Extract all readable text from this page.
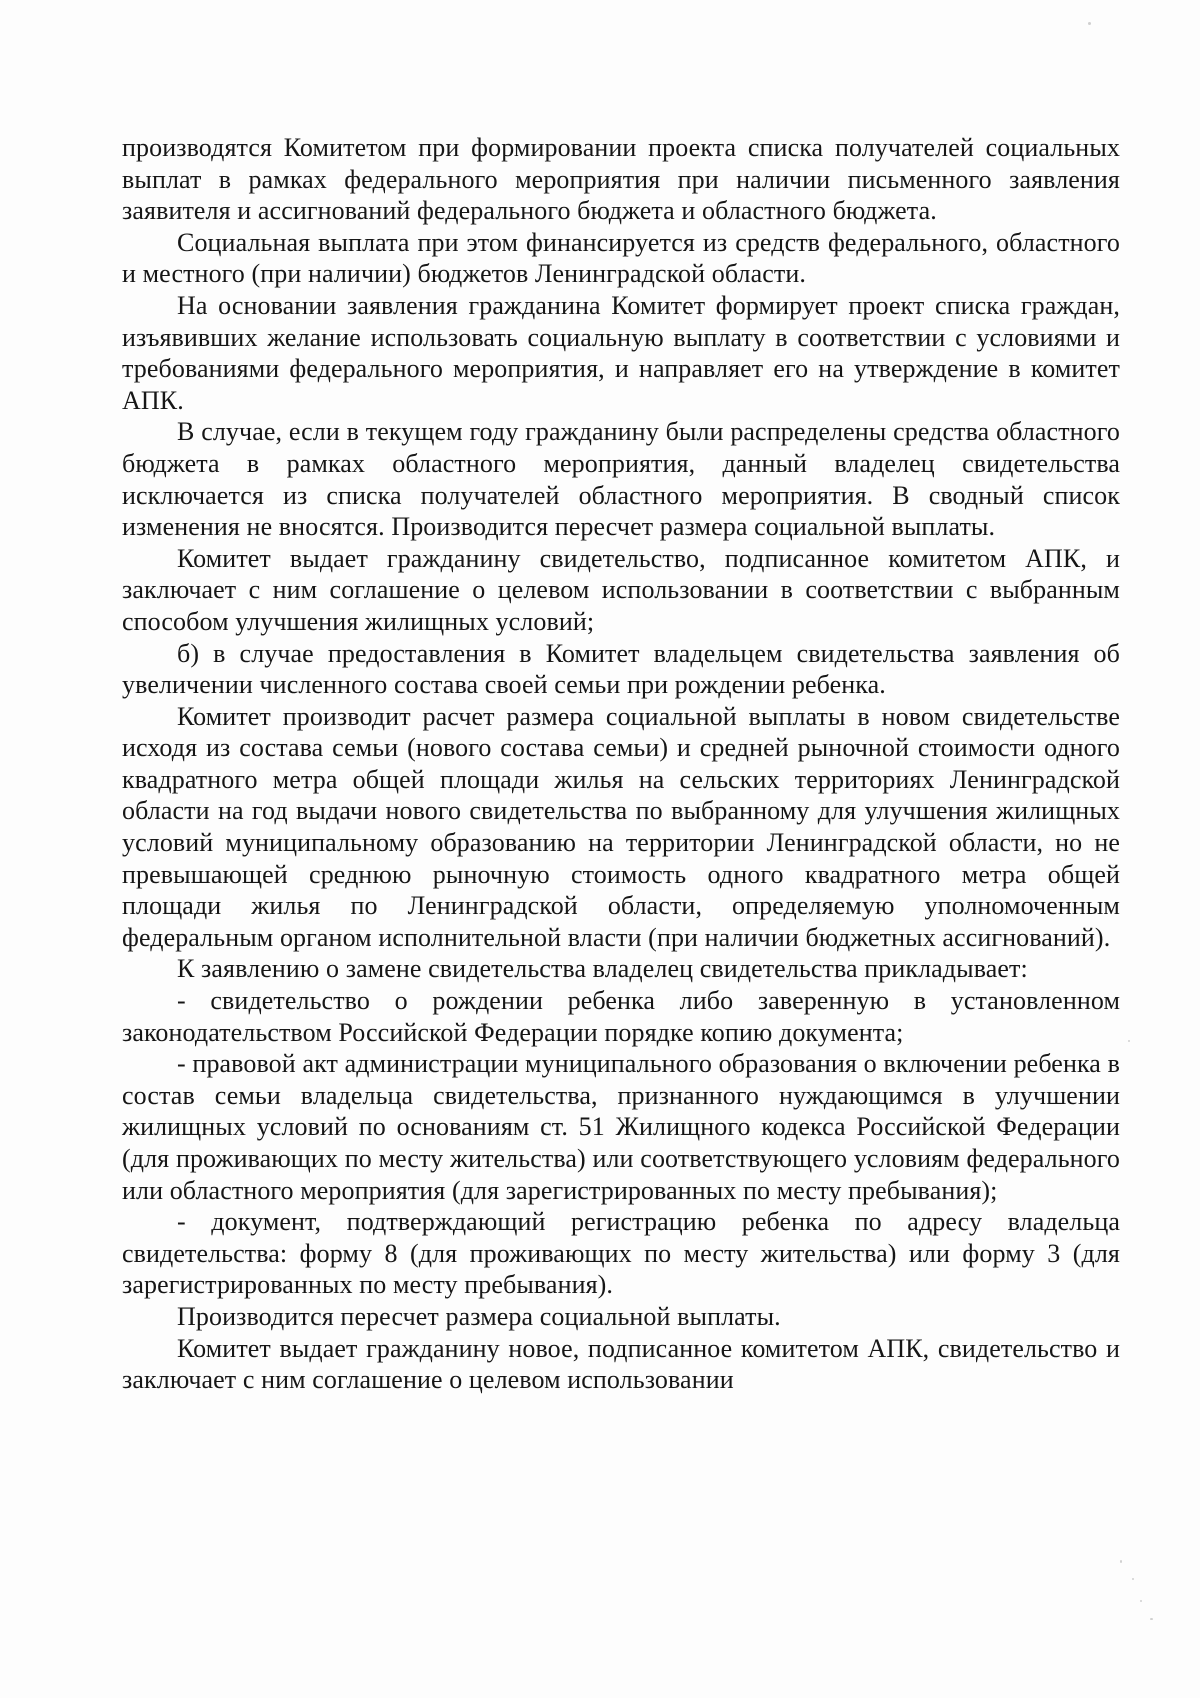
производятся Комитетом при формировании проекта списка получателей социальных выплат в рамках федерального мероприятия при наличии письменного заявления заявителя и ассигнований федерального бюджета и областного бюджета.

Социальная выплата при этом финансируется из средств федерального, областного и местного (при наличии) бюджетов Ленинградской области.

На основании заявления гражданина Комитет формирует проект списка граждан, изъявивших желание использовать социальную выплату в соответствии с условиями и требованиями федерального мероприятия, и направляет его на утверждение в комитет АПК.

В случае, если в текущем году гражданину были распределены средства областного бюджета в рамках областного мероприятия, данный владелец свидетельства исключается из списка получателей областного мероприятия. В сводный список изменения не вносятся. Производится пересчет размера социальной выплаты.

Комитет выдает гражданину свидетельство, подписанное комитетом АПК, и заключает с ним соглашение о целевом использовании в соответствии с выбранным способом улучшения жилищных условий;

б) в случае предоставления в Комитет владельцем свидетельства заявления об увеличении численного состава своей семьи при рождении ребенка.

Комитет производит расчет размера социальной выплаты в новом свидетельстве исходя из состава семьи (нового состава семьи) и средней рыночной стоимости одного квадратного метра общей площади жилья на сельских территориях Ленинградской области на год выдачи нового свидетельства по выбранному для улучшения жилищных условий муниципальному образованию на территории Ленинградской области, но не превышающей среднюю рыночную стоимость одного квадратного метра общей площади жилья по Ленинградской области, определяемую уполномоченным федеральным органом исполнительной власти (при наличии бюджетных ассигнований).

К заявлению о замене свидетельства владелец свидетельства прикладывает:

- свидетельство о рождении ребенка либо заверенную в установленном законодательством Российской Федерации порядке копию документа;

- правовой акт администрации муниципального образования о включении ребенка в состав семьи владельца свидетельства, признанного нуждающимся в улучшении жилищных условий по основаниям ст. 51 Жилищного кодекса Российской Федерации (для проживающих по месту жительства) или соответствующего условиям федерального или областного мероприятия (для зарегистрированных по месту пребывания);

- документ, подтверждающий регистрацию ребенка по адресу владельца свидетельства: форму 8 (для проживающих по месту жительства) или форму 3 (для зарегистрированных по месту пребывания).

Производится пересчет размера социальной выплаты.

Комитет выдает гражданину новое, подписанное комитетом АПК, свидетельство и заключает с ним соглашение о целевом использовании
